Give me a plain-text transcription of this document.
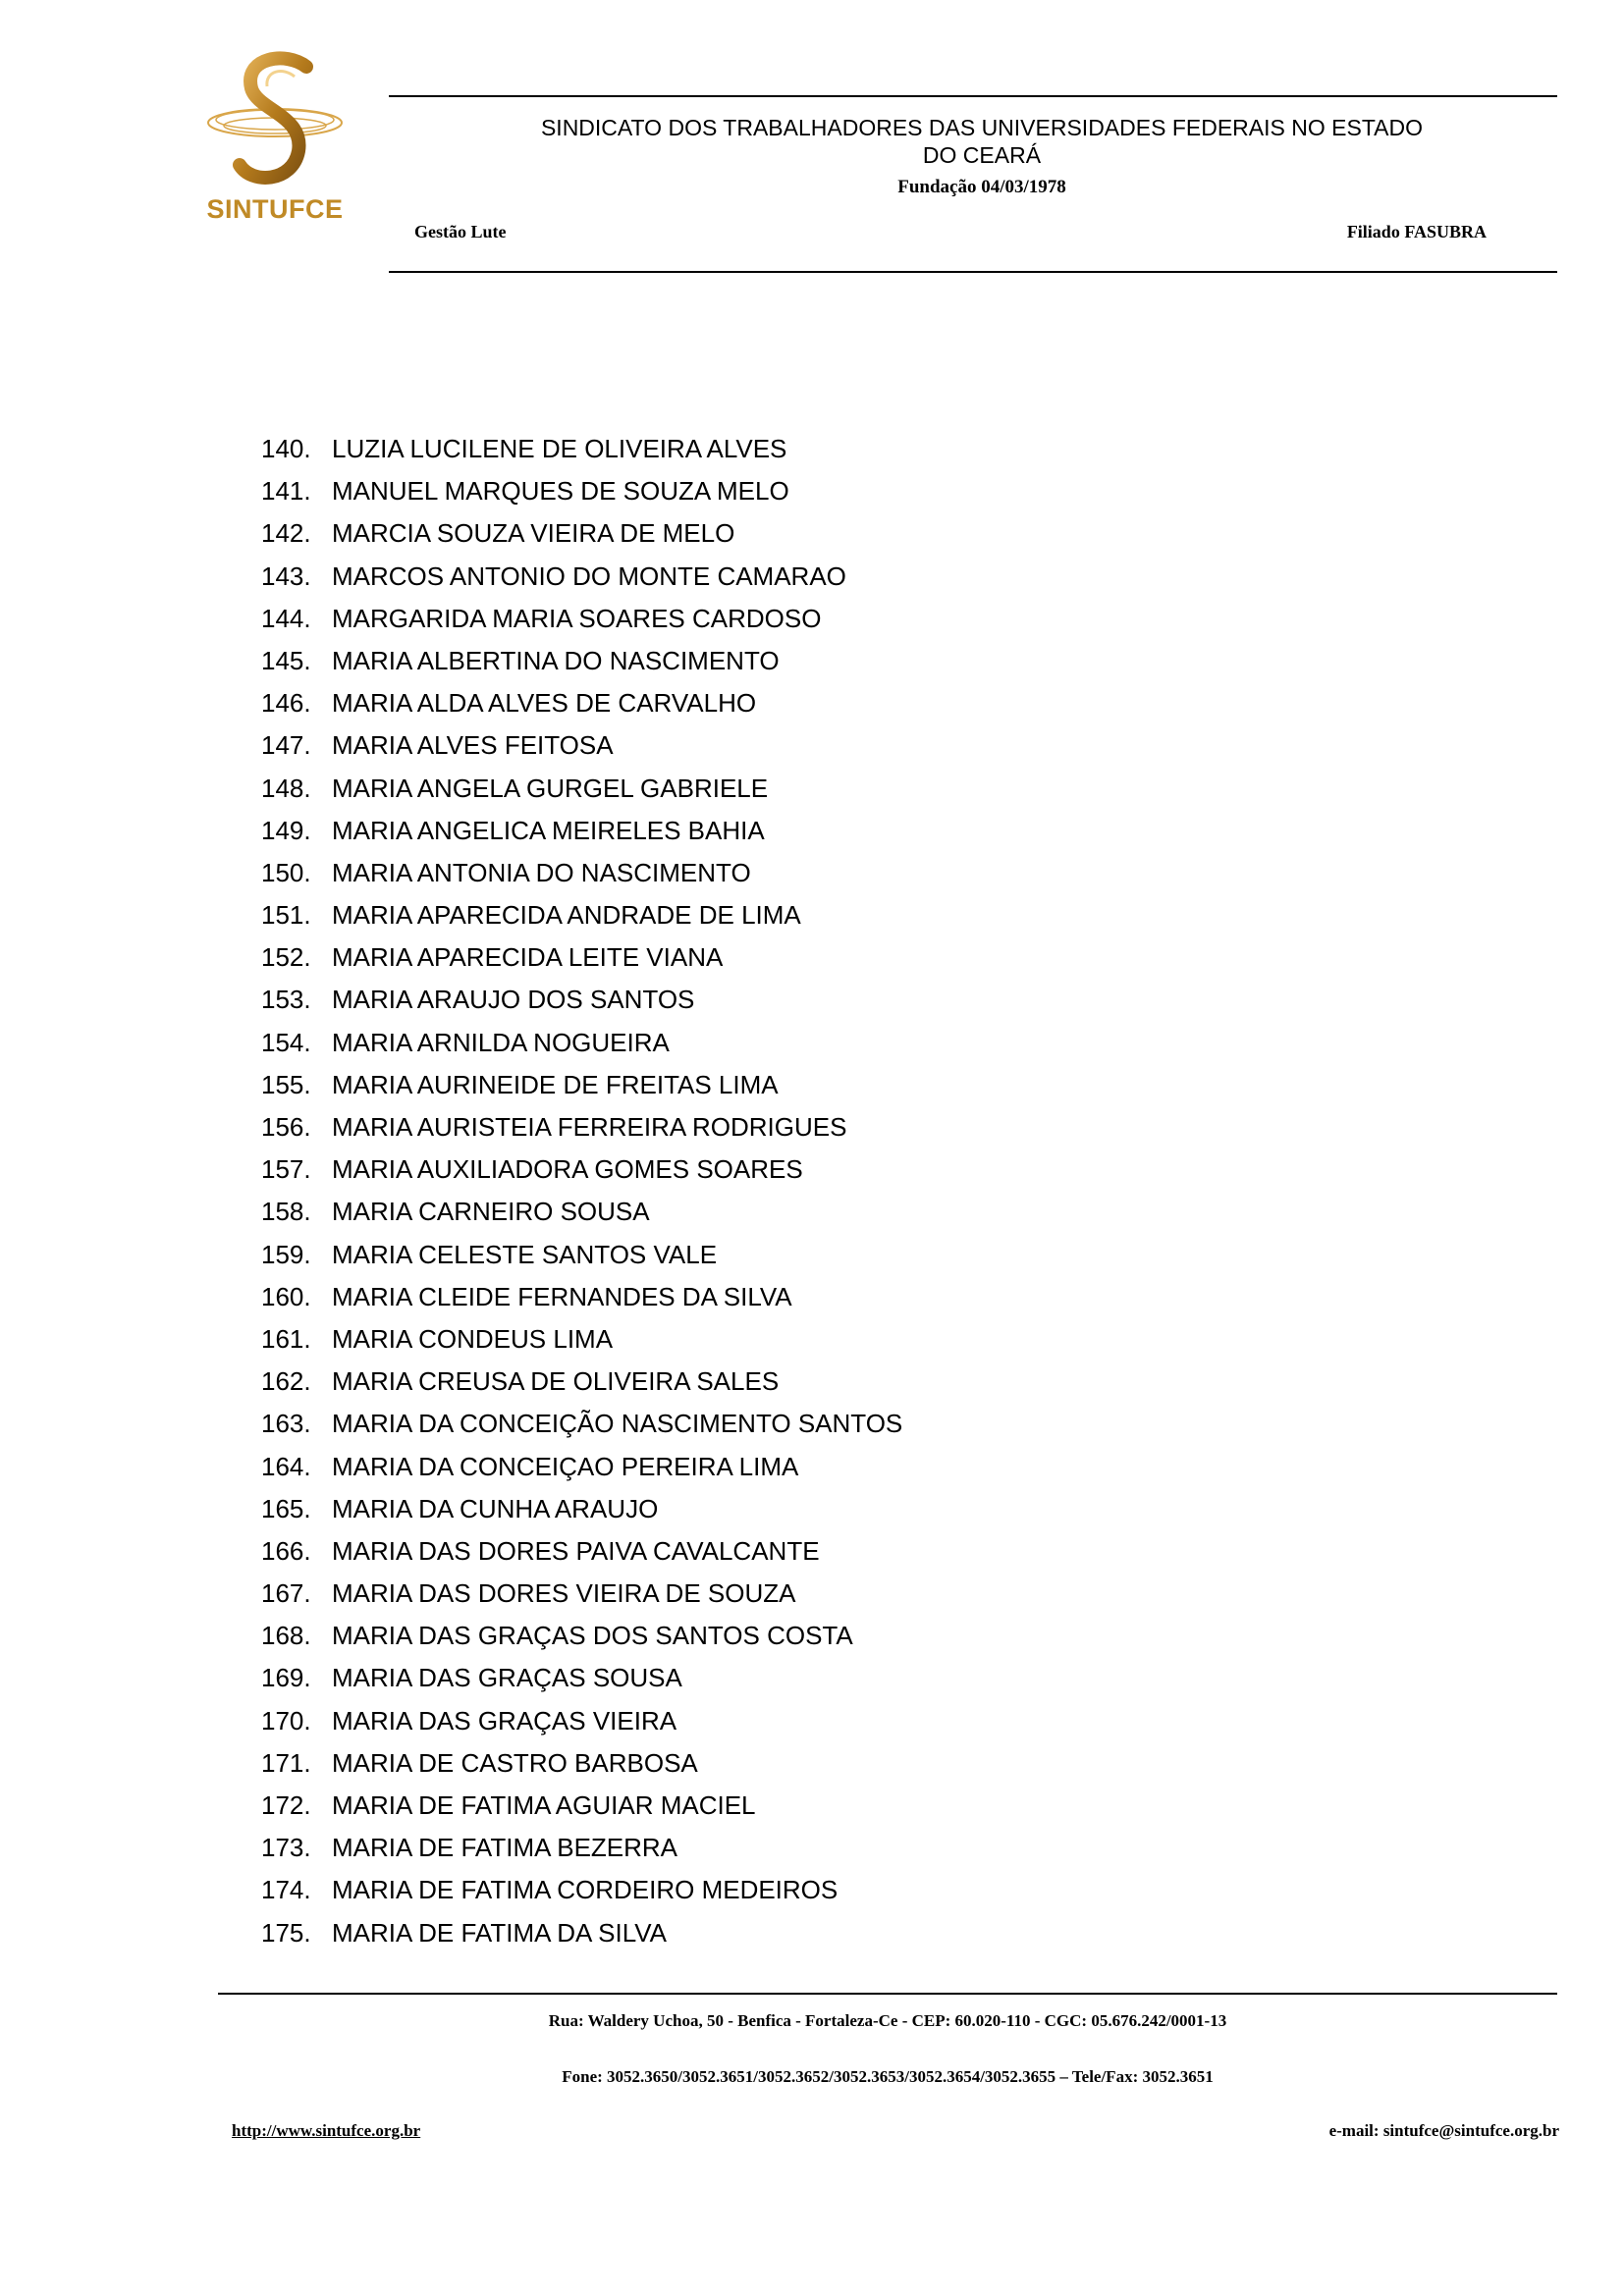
SINTUFCE
SINDICATO DOS TRABALHADORES DAS UNIVERSIDADES FEDERAIS NO ESTADO
DO CEARÁ
Fundação 04/03/1978
Gestão Lute	Filiado FASUBRA
140. LUZIA LUCILENE DE OLIVEIRA ALVES
141. MANUEL MARQUES DE SOUZA MELO
142. MARCIA SOUZA VIEIRA DE MELO
143. MARCOS ANTONIO DO MONTE CAMARAO
144. MARGARIDA MARIA SOARES CARDOSO
145. MARIA ALBERTINA DO NASCIMENTO
146. MARIA ALDA ALVES DE CARVALHO
147. MARIA ALVES FEITOSA
148. MARIA ANGELA GURGEL GABRIELE
149. MARIA ANGELICA MEIRELES BAHIA
150. MARIA ANTONIA DO NASCIMENTO
151. MARIA APARECIDA ANDRADE DE LIMA
152. MARIA APARECIDA LEITE VIANA
153. MARIA ARAUJO DOS SANTOS
154. MARIA ARNILDA NOGUEIRA
155. MARIA AURINEIDE DE FREITAS LIMA
156. MARIA AURISTEIA FERREIRA RODRIGUES
157. MARIA AUXILIADORA GOMES SOARES
158. MARIA CARNEIRO SOUSA
159. MARIA CELESTE SANTOS VALE
160. MARIA CLEIDE FERNANDES DA SILVA
161. MARIA CONDEUS LIMA
162. MARIA CREUSA DE OLIVEIRA SALES
163. MARIA DA CONCEIÇÃO NASCIMENTO SANTOS
164. MARIA DA CONCEIÇAO PEREIRA LIMA
165. MARIA DA CUNHA ARAUJO
166. MARIA DAS DORES PAIVA CAVALCANTE
167. MARIA DAS DORES VIEIRA DE SOUZA
168. MARIA DAS GRAÇAS DOS SANTOS COSTA
169. MARIA DAS GRAÇAS SOUSA
170. MARIA DAS GRAÇAS VIEIRA
171. MARIA DE CASTRO BARBOSA
172. MARIA DE FATIMA AGUIAR MACIEL
173. MARIA DE FATIMA BEZERRA
174. MARIA DE FATIMA CORDEIRO MEDEIROS
175. MARIA DE FATIMA DA SILVA
Rua: Waldery Uchoa, 50 - Benfica - Fortaleza-Ce - CEP: 60.020-110 - CGC: 05.676.242/0001-13
Fone: 3052.3650/3052.3651/3052.3652/3052.3653/3052.3654/3052.3655 – Tele/Fax: 3052.3651
http://www.sintufce.org.br	e-mail: sintufce@sintufce.org.br
